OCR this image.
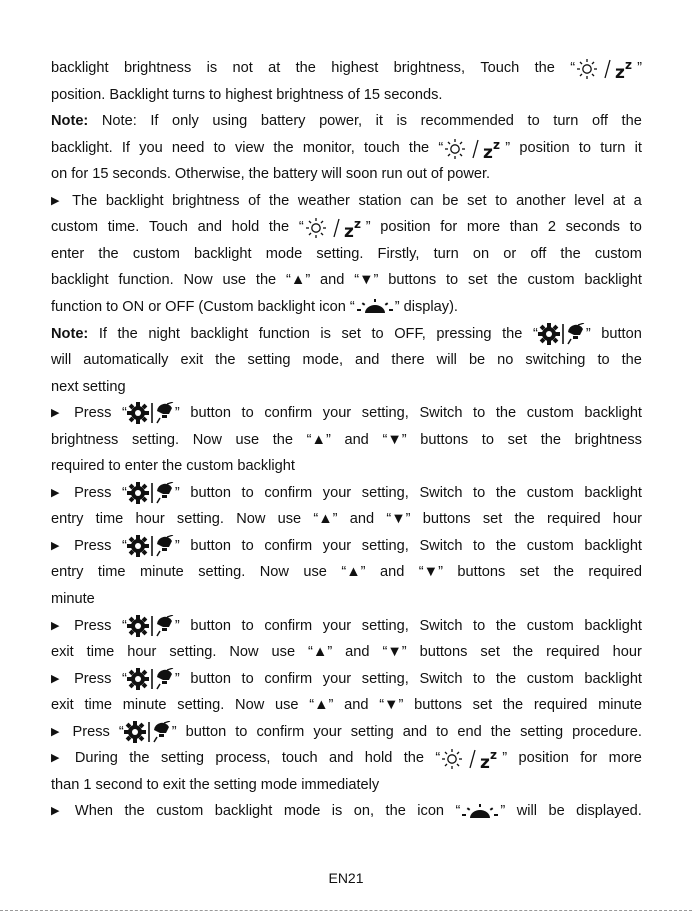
backlight brightness is not at the highest brightness, Touch the “ z z ”
position. Backlight turns to highest brightness of 15 seconds.
Note: Note: If only using battery power, it is recommended to turn off the
backlight. If you need to view the monitor, touch the “ z z ” position to turn it
on for 15 seconds. Otherwise, the battery will soon run out of power.
▶ The backlight brightness of the weather station can be set to another level at a
custom time. Touch and hold the “ z z ” position for more than 2 seconds to
enter the custom backlight mode setting. Firstly, turn on or off the custom
backlight function. Now use the “▲” and “▼” buttons to set the custom backlight
function to ON or OFF (Custom backlight icon “	” display).
Note: If the night backlight function is set to OFF, pressing the “	” button
will automatically exit the setting mode, and there will be no switching to the
next setting
▶ Press “	” button to confirm your setting, Switch to the custom backlight
brightness setting. Now use the “▲” and “▼” buttons to set the brightness
required to enter the custom backlight
▶ Press “	” button to confirm your setting, Switch to the custom backlight
entry time hour setting. Now use “▲” and “▼” buttons set the required hour
▶ Press “	” button to confirm your setting, Switch to the custom backlight
entry time minute setting. Now use “▲” and “▼” buttons set the required
minute
▶ Press “	” button to confirm your setting, Switch to the custom backlight
exit time hour setting. Now use “▲” and “▼” buttons set the required hour
▶ Press “	” button to confirm your setting, Switch to the custom backlight
exit time minute setting. Now use “▲” and “▼” buttons set the required minute
▶ Press “	” button to confirm your setting and to end the setting procedure.
▶ During the setting process, touch and hold the “ z z ” position for more
than 1 second to exit the setting mode immediately
▶ When the custom backlight mode is on, the icon “	” will be displayed.
EN21
